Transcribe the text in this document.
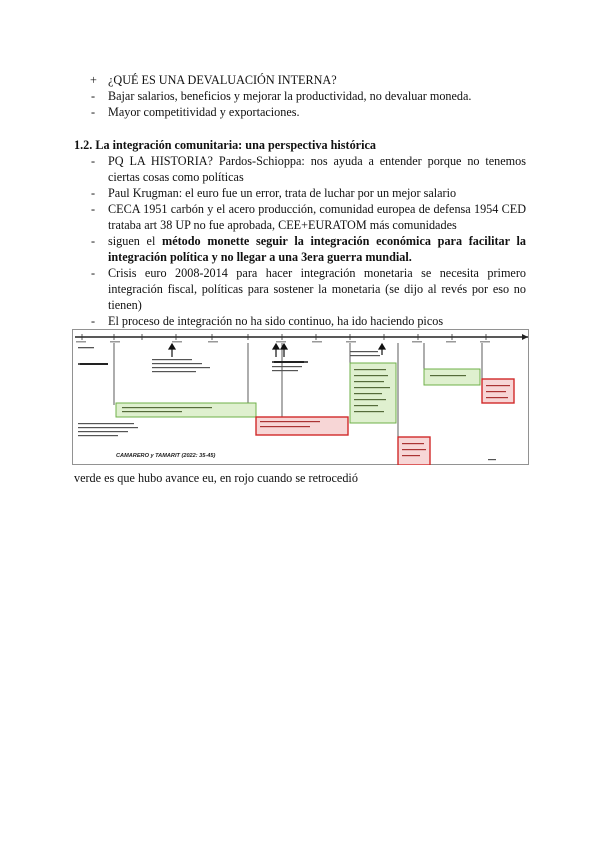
+ ¿QUÉ ES UNA DEVALUACIÓN INTERNA?
- Bajar salarios, beneficios y mejorar la productividad, no devaluar moneda.
- Mayor competitividad y exportaciones.
1.2. La integración comunitaria: una perspectiva histórica
- PQ LA HISTORIA? Pardos-Schioppa: nos ayuda a entender porque no tenemos ciertas cosas como políticas
- Paul Krugman: el euro fue un error, trata de luchar por un mejor salario
- CECA 1951 carbón y el acero producción, comunidad europea de defensa 1954 CED trataba art 38 UP no fue aprobada, CEE+EURATOM más comunidades
- siguen el método monette seguir la integración económica para facilitar la integración política y no llegar a una 3era guerra mundial.
- Crisis euro 2008-2014 para hacer integración monetaria se necesita primero integración fiscal, políticas para sostener la monetaria (se dijo al revés por eso no tienen)
- El proceso de integración no ha sido continuo, ha ido haciendo picos
CAMARERO y TAMARIT (2022: 35-45)
verde es que hubo avance eu, en rojo cuando se retrocedió
